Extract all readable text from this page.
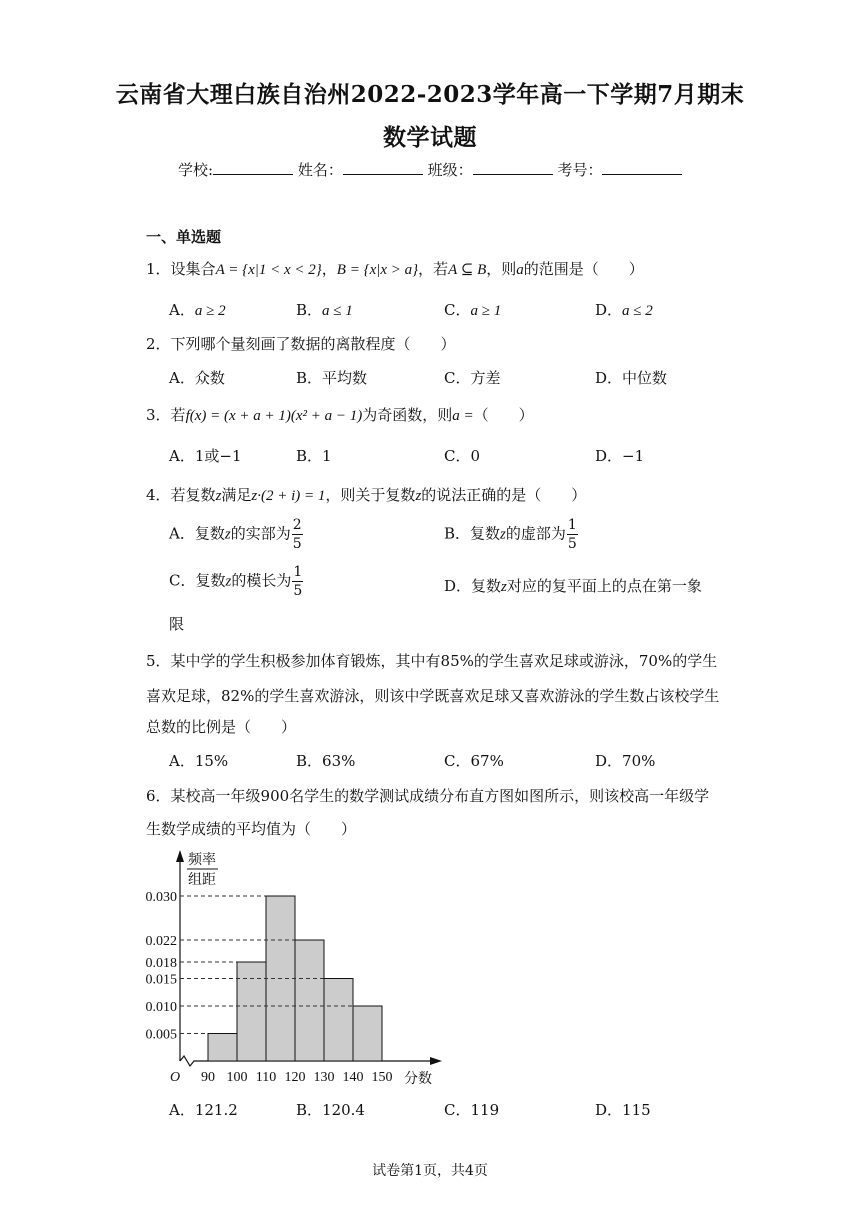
云南省大理白族自治州2022-2023学年高一下学期7月期末
数学试题
学校:	姓名：	班级：	考号：
一、单选题
1．设集合A = {x|1 < x < 2}，B = {x|x > a}，若A ⊆ B，则a的范围是（　　）
A．a ≥ 2	B．a ≤ 1	C．a ≥ 1	D．a ≤ 2
2．下列哪个量刻画了数据的离散程度（　　）
A．众数	B．平均数	C．方差	D．中位数
3．若f(x) = (x + a + 1)(x² + a − 1)为奇函数，则a =（　　）
A．1或−1	B．1	C．0	D．−1
4．若复数z满足z·(2 + i) = 1，则关于复数z的说法正确的是（　　）
A．复数z的实部为 $\frac{2}{5}$	B．复数z的虚部为 $\frac{1}{5}$
C．复数z的模长为 $\frac{1}{5}$	D．复数z对应的复平面上的点在第一象
限
5．某中学的学生积极参加体育锻炼，其中有85%的学生喜欢足球或游泳，70%的学生
喜欢足球，82%的学生喜欢游泳，则该中学既喜欢足球又喜欢游泳的学生数占该校学生
总数的比例是（　　）
A．15%	B．63%	C．67%	D．70%
6．某校高一年级900名学生的数学测试成绩分布直方图如图所示，则该校高一年级学
生数学成绩的平均值为（　　）
0.005
0.010
0.015
0.018
0.022
0.030
90 100 110 120 130 140 150
O	分数
频率
组距
A．121.2	B．120.4	C．119	D．115
试卷第1页，共4页
